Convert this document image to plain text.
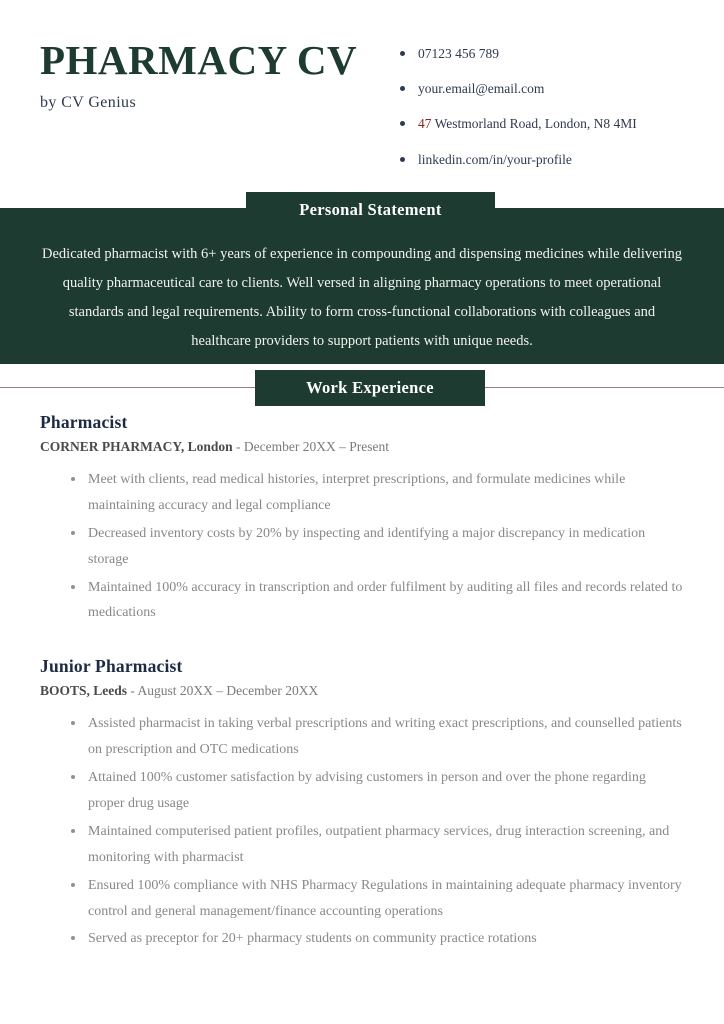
PHARMACY CV
by CV Genius
07123 456 789
your.email@email.com
47 Westmorland Road, London, N8 4MI
linkedin.com/in/your-profile
Personal Statement
Dedicated pharmacist with 6+ years of experience in compounding and dispensing medicines while delivering quality pharmaceutical care to clients. Well versed in aligning pharmacy operations to meet operational standards and legal requirements. Ability to form cross-functional collaborations with colleagues and healthcare providers to support patients with unique needs.
Work Experience
Pharmacist
CORNER PHARMACY, London - December 20XX – Present
Meet with clients, read medical histories, interpret prescriptions, and formulate medicines while maintaining accuracy and legal compliance
Decreased inventory costs by 20% by inspecting and identifying a major discrepancy in medication storage
Maintained 100% accuracy in transcription and order fulfilment by auditing all files and records related to medications
Junior Pharmacist
BOOTS, Leeds - August 20XX – December 20XX
Assisted pharmacist in taking verbal prescriptions and writing exact prescriptions, and counselled patients on prescription and OTC medications
Attained 100% customer satisfaction by advising customers in person and over the phone regarding proper drug usage
Maintained computerised patient profiles, outpatient pharmacy services, drug interaction screening, and monitoring with pharmacist
Ensured 100% compliance with NHS Pharmacy Regulations in maintaining adequate pharmacy inventory control and general management/finance accounting operations
Served as preceptor for 20+ pharmacy students on community practice rotations
